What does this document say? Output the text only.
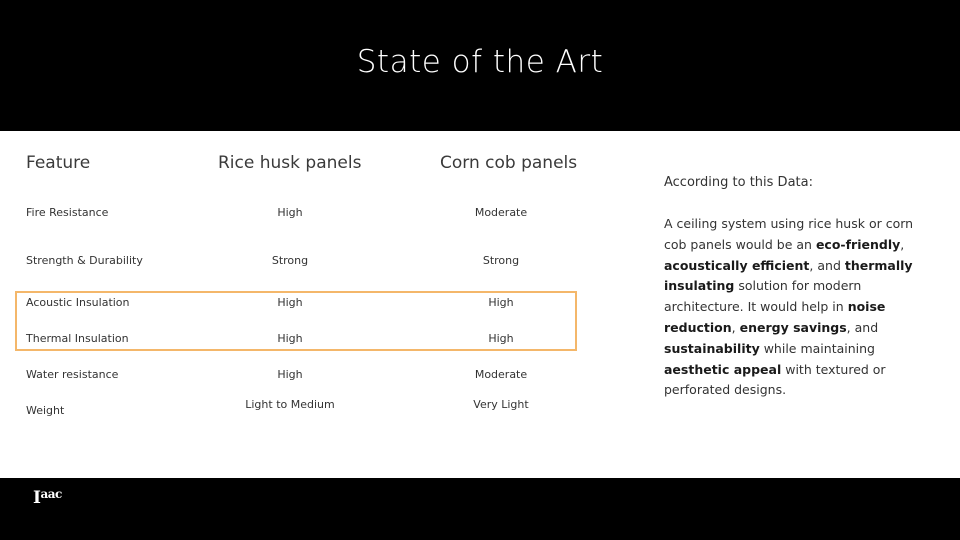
State of the Art
Feature	Rice husk panels	Corn cob panels
Fire Resistance	High	Moderate
Strength & Durability	Strong	Strong
Acoustic Insulation	High	High
Thermal Insulation	High	High
Water resistance	High	Moderate
Weight	Light to Medium	Very Light
According to this Data:
A ceiling system using rice husk or corn cob panels would be an eco-friendly, acoustically efficient, and thermally insulating solution for modern architecture. It would help in noise reduction, energy savings, and sustainability while maintaining aesthetic appeal with textured or perforated designs.
$I^{aac}$
